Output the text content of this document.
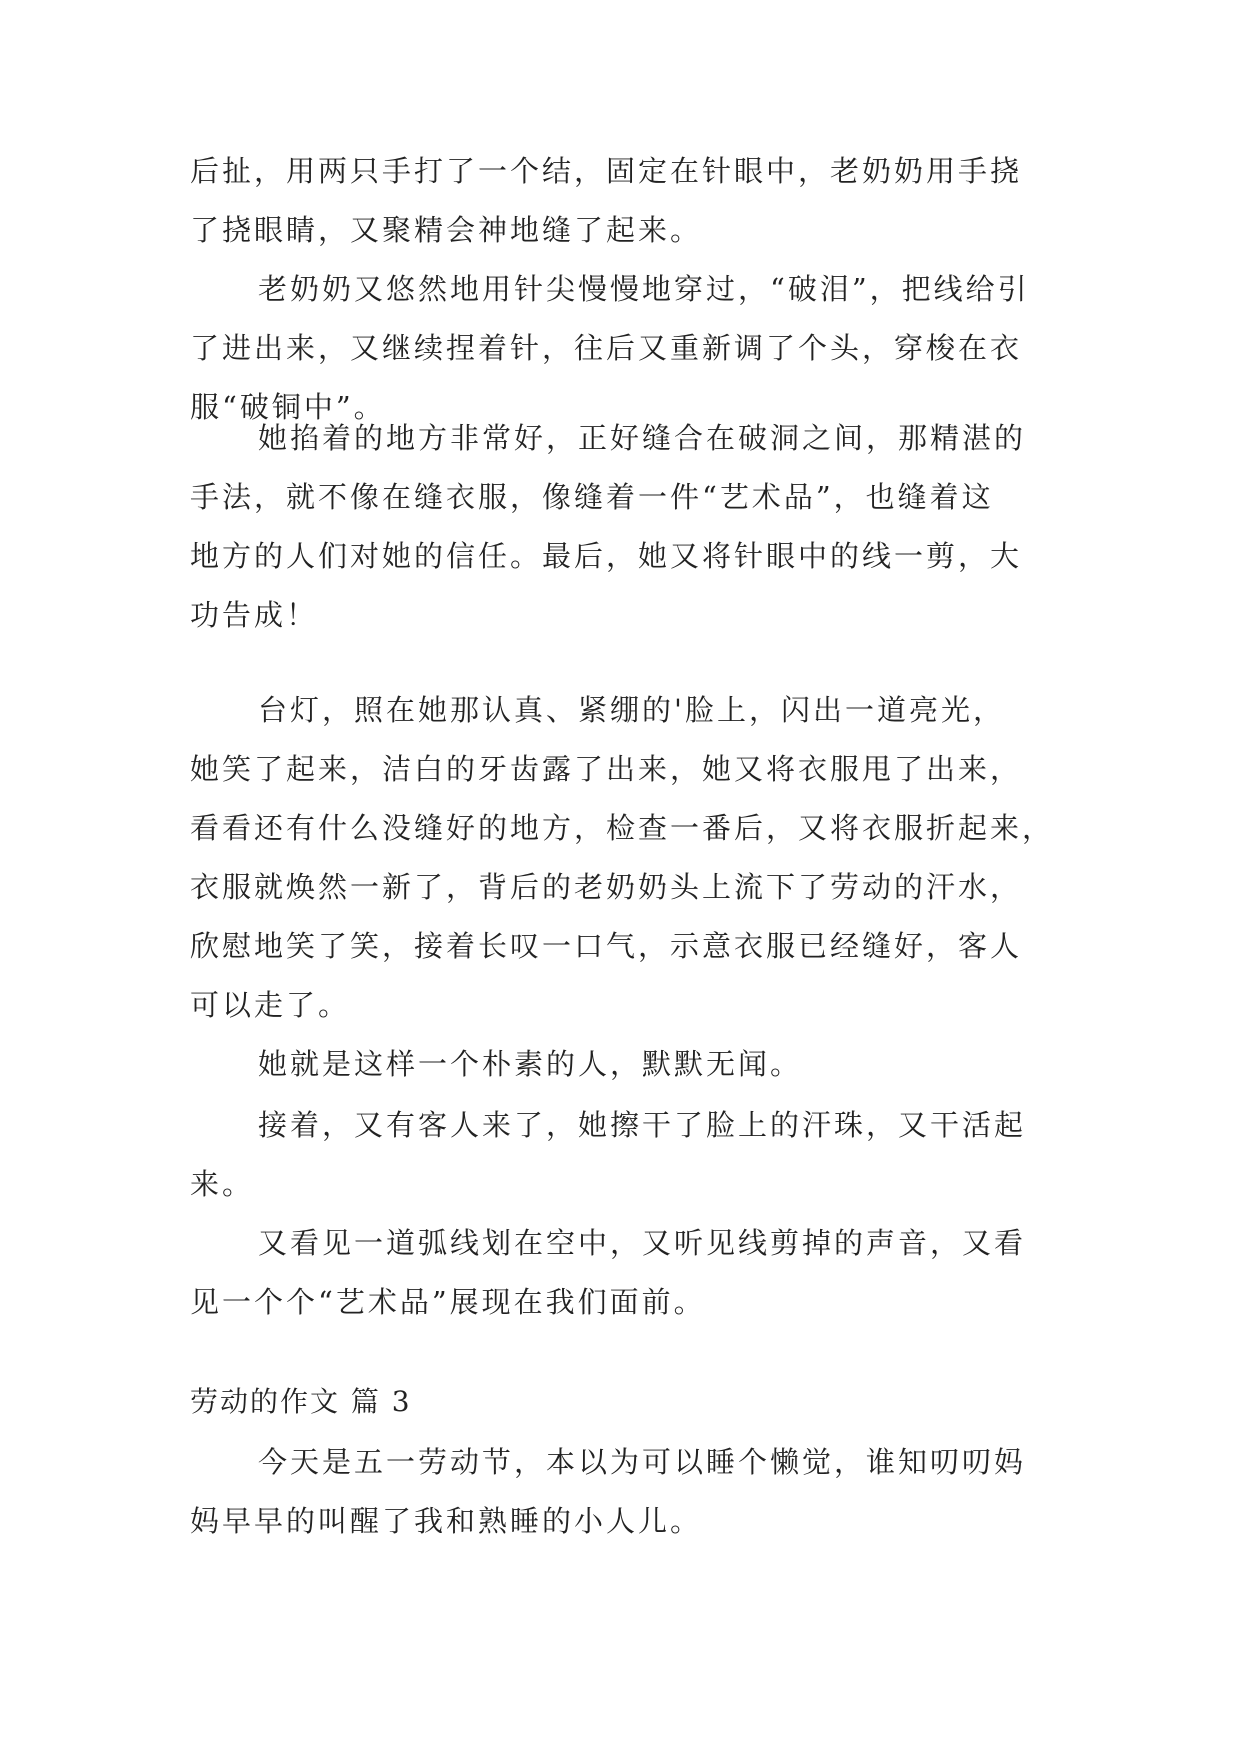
后扯，用两只手打了一个结，固定在针眼中，老奶奶用手挠
了挠眼睛，又聚精会神地缝了起来。

老奶奶又悠然地用针尖慢慢地穿过，“破泪”，把线给引
了进出来，又继续捏着针，往后又重新调了个头，穿梭在衣
服“破铜中”。

她掐着的地方非常好，正好缝合在破洞之间，那精湛的
手法，就不像在缝衣服，像缝着一件“艺术品”，也缝着这
地方的人们对她的信任。最后，她又将针眼中的线一剪，大
功告成！

台灯，照在她那认真、紧绷的'脸上，闪出一道亮光，
她笑了起来，洁白的牙齿露了出来，她又将衣服甩了出来，
看看还有什么没缝好的地方，检查一番后，又将衣服折起来，
衣服就焕然一新了，背后的老奶奶头上流下了劳动的汗水，
欣慰地笑了笑，接着长叹一口气，示意衣服已经缝好，客人
可以走了。

她就是这样一个朴素的人，默默无闻。

接着，又有客人来了，她擦干了脸上的汗珠，又干活起
来。

又看见一道弧线划在空中，又听见线剪掉的声音，又看
见一个个“艺术品”展现在我们面前。

劳动的作文 篇 3

今天是五一劳动节，本以为可以睡个懒觉，谁知叨叨妈
妈早早的叫醒了我和熟睡的小人儿。
